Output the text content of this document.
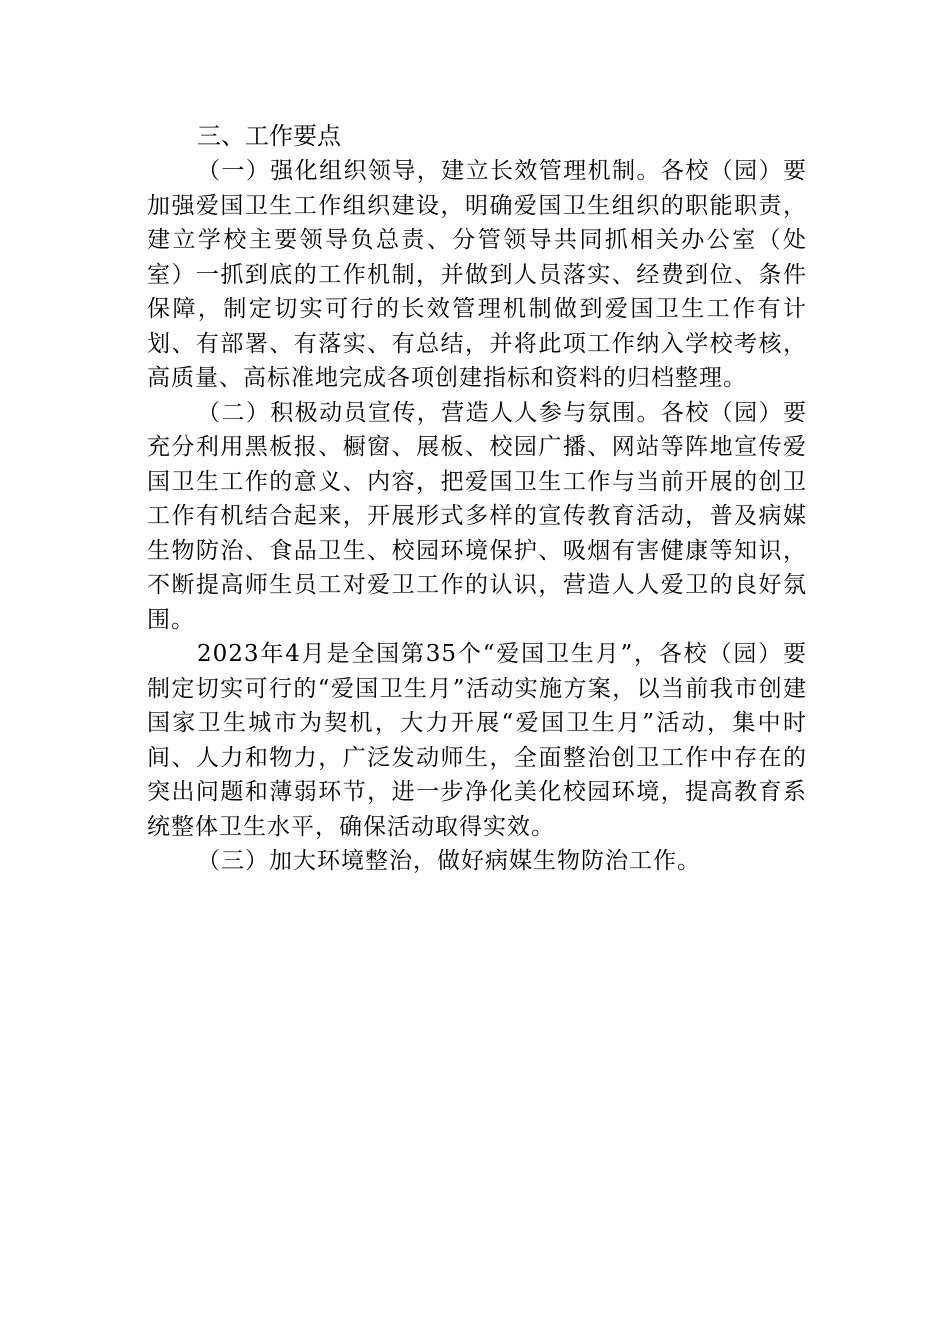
三、工作要点

（一）强化组织领导，建立长效管理机制。各校（园）要加强爱国卫生工作组织建设，明确爱国卫生组织的职能职责，建立学校主要领导负总责、分管领导共同抓相关办公室（处室）一抓到底的工作机制，并做到人员落实、经费到位、条件保障，制定切实可行的长效管理机制做到爱国卫生工作有计划、有部署、有落实、有总结，并将此项工作纳入学校考核，高质量、高标准地完成各项创建指标和资料的归档整理。

（二）积极动员宣传，营造人人参与氛围。各校（园）要充分利用黑板报、橱窗、展板、校园广播、网站等阵地宣传爱国卫生工作的意义、内容，把爱国卫生工作与当前开展的创卫工作有机结合起来，开展形式多样的宣传教育活动，普及病媒生物防治、食品卫生、校园环境保护、吸烟有害健康等知识，不断提高师生员工对爱卫工作的认识，营造人人爱卫的良好氛围。

2023年4月是全国第35个“爱国卫生月”，各校（园）要制定切实可行的“爱国卫生月”活动实施方案，以当前我市创建国家卫生城市为契机，大力开展“爱国卫生月”活动，集中时间、人力和物力，广泛发动师生，全面整治创卫工作中存在的突出问题和薄弱环节，进一步净化美化校园环境，提高教育系统整体卫生水平，确保活动取得实效。

（三）加大环境整治，做好病媒生物防治工作。
